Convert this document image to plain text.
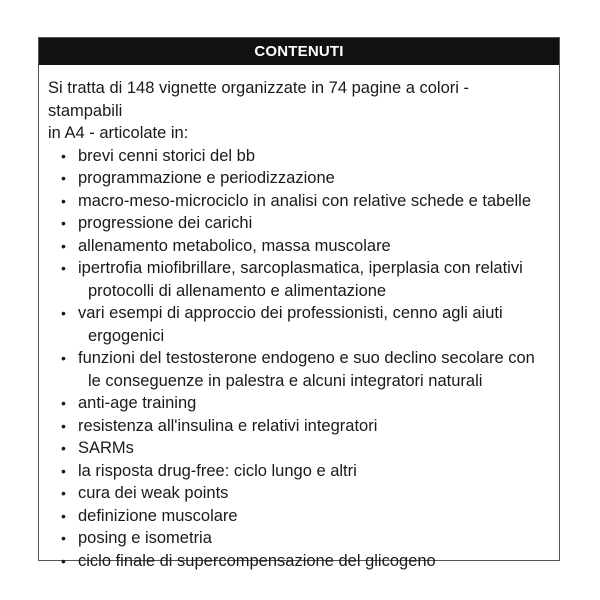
CONTENUTI

Si tratta di 148 vignette organizzate in 74 pagine a colori - stampabili
in A4 - articolate in:

• brevi cenni storici del bb
• programmazione e periodizzazione
• macro-meso-microciclo in analisi con relative schede e tabelle
• progressione dei carichi
• allenamento metabolico, massa muscolare
• ipertrofia miofibrillare, sarcoplasmatica, iperplasia con relativi
protocolli di allenamento e alimentazione
• vari esempi di approccio dei professionisti, cenno agli aiuti
ergogenici
• funzioni del testosterone endogeno e suo declino secolare con
le conseguenze in palestra e alcuni integratori naturali
• anti-age training
• resistenza all'insulina e relativi integratori
• SARMs
• la risposta drug-free: ciclo lungo e altri
• cura dei weak points
• definizione muscolare
• posing e isometria
• ciclo finale di supercompensazione del glicogeno
